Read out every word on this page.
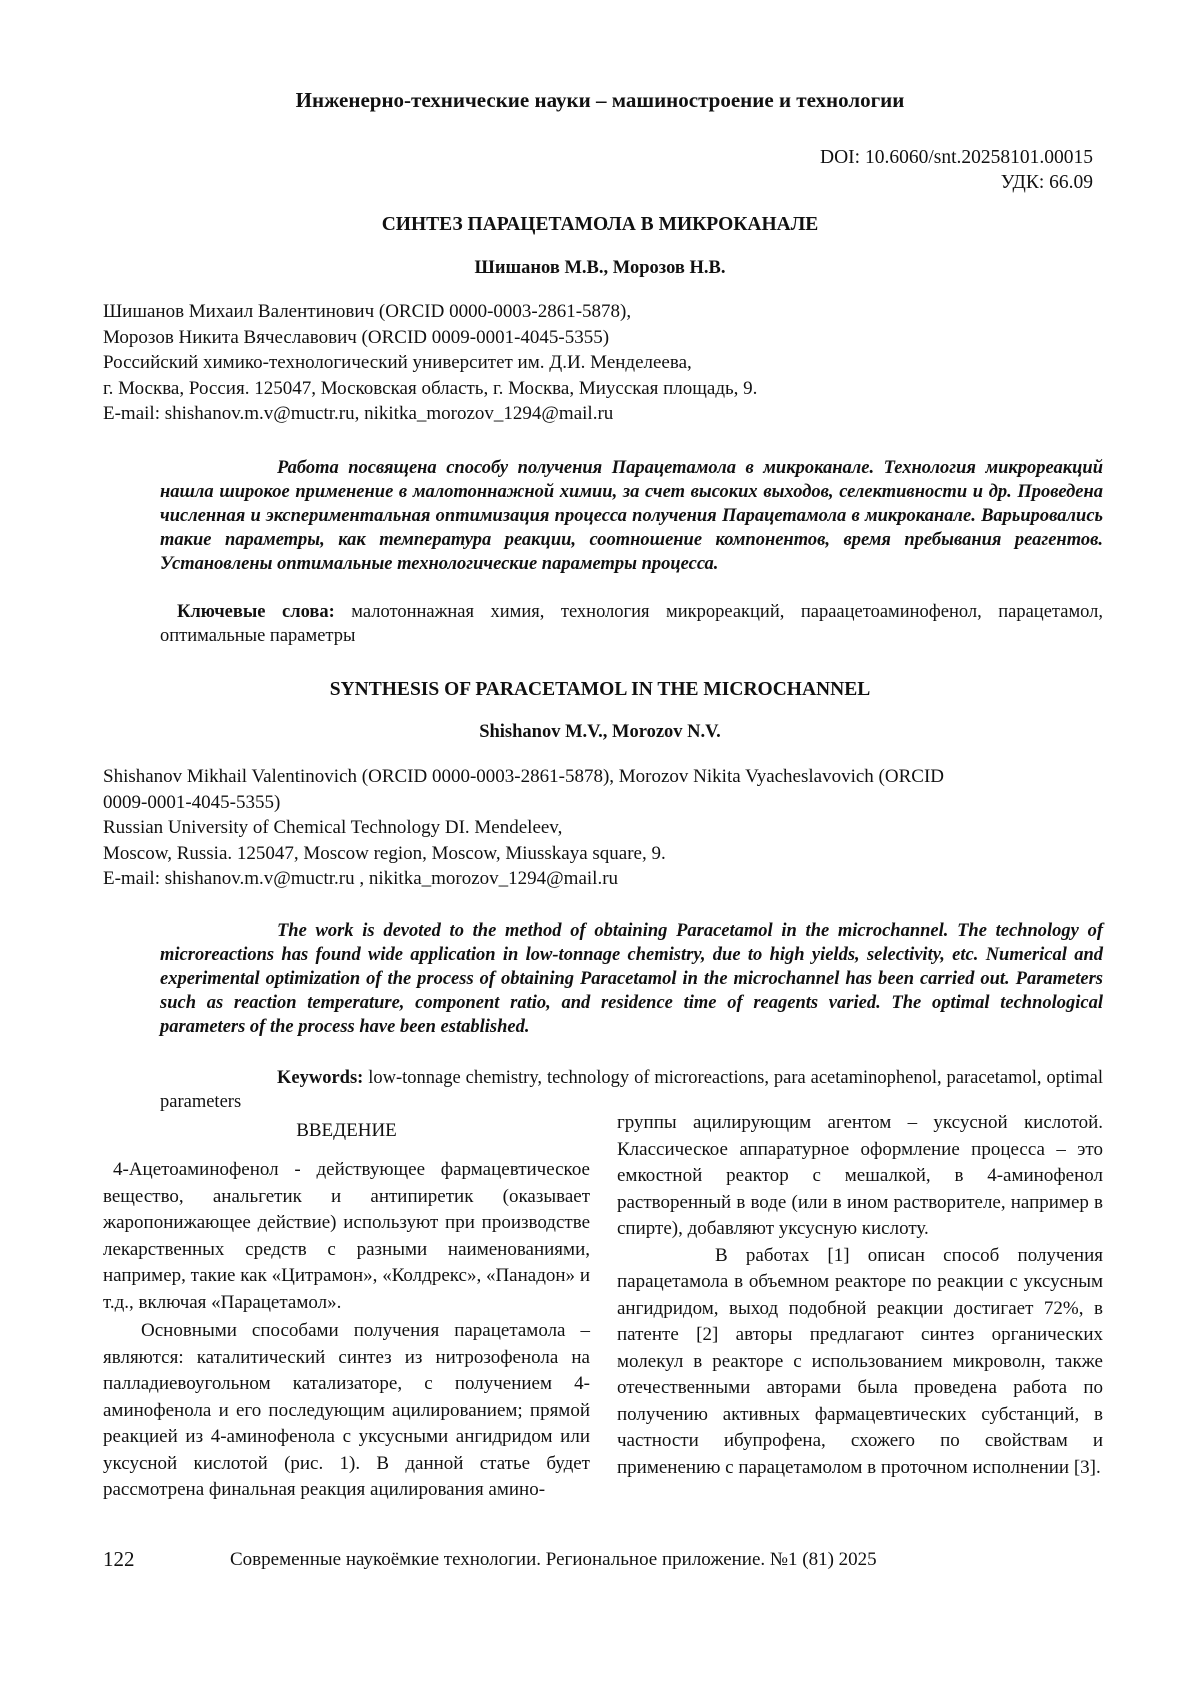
Инженерно-технические науки – машиностроение и технологии
DOI: 10.6060/snt.20258101.00015
УДК: 66.09
СИНТЕЗ ПАРАЦЕТАМОЛА В МИКРОКАНАЛЕ
Шишанов М.В., Морозов Н.В.
Шишанов Михаил Валентинович (ORCID 0000-0003-2861-5878),
Морозов Никита Вячеславович (ORCID 0009-0001-4045-5355)
Российский химико-технологический университет им. Д.И. Менделеева,
г. Москва, Россия. 125047, Московская область, г. Москва, Миусская площадь, 9.
E-mail: shishanov.m.v@muctr.ru, nikitka_morozov_1294@mail.ru
Работа посвящена способу получения Парацетамола в микроканале. Технология микрореакций нашла широкое применение в малотоннажной химии, за счет высоких выходов, селективности и др. Проведена численная и экспериментальная оптимизация процесса получения Парацетамола в микроканале. Варьировались такие параметры, как температура реакции, соотношение компонентов, время пребывания реагентов. Установлены оптимальные технологические параметры процесса.
Ключевые слова: малотоннажная химия, технология микрореакций, парaацетоаминофенол, парацетамол, оптимальные параметры
SYNTHESIS OF PARACETAMOL IN THE MICROCHANNEL
Shishanov M.V., Morozov N.V.
Shishanov Mikhail Valentinovich (ORCID 0000-0003-2861-5878), Morozov Nikita Vyacheslavovich (ORCID
0009-0001-4045-5355)
Russian University of Chemical Technology DI. Mendeleev,
Moscow, Russia. 125047, Moscow region, Moscow, Miusskaya square, 9.
E-mail: shishanov.m.v@muctr.ru , nikitka_morozov_1294@mail.ru
The work is devoted to the method of obtaining Paracetamol in the microchannel. The technology of microreactions has found wide application in low-tonnage chemistry, due to high yields, selectivity, etc. Numerical and experimental optimization of the process of obtaining Paracetamol in the microchannel has been carried out. Parameters such as reaction temperature, component ratio, and residence time of reagents varied. The optimal technological parameters of the process have been established.
Keywords: low-tonnage chemistry, technology of microreactions, para acetaminophenol, paracetamol, optimal parameters
ВВЕДЕНИЕ

4-Ацетоаминофенол - действующее фармацевтическое вещество, анальгетик и антипиретик (оказывает жаропонижающее действие) используют при производстве лекарственных средств с разными наименованиями, например, такие как «Цитрамон», «Колдрекс», «Панадон» и т.д., включая «Парацетамол».

Основными способами получения парацетамола – являются: каталитический синтез из нитрозофенола на палладиевоугольном катализаторе, с получением 4-аминофенола и его последующим ацилированием; прямой реакцией из 4-аминофенола с уксусными ангидридом или уксусной кислотой (рис. 1). В данной статье будет рассмотрена финальная реакция ацилирования амино-

группы ацилирующим агентом – уксусной кислотой. Классическое аппаратурное оформление процесса – это емкостной реактор с мешалкой, в 4-аминофенол растворенный в воде (или в ином растворителе, например в спирте), добавляют уксусную кислоту.

В работах [1] описан способ получения парацетамола в объемном реакторе по реакции с уксусным ангидридом, выход подобной реакции достигает 72%, в патенте [2] авторы предлагают синтез органических молекул в реакторе с использованием микроволн, также отечественными авторами была проведена работа по получению активных фармацевтических субстанций, в частности ибупрофена, схожего по свойствам и применению с парацетамолом в проточном исполнении [3].

122	Современные наукоёмкие технологии. Региональное приложение. №1 (81) 2025
